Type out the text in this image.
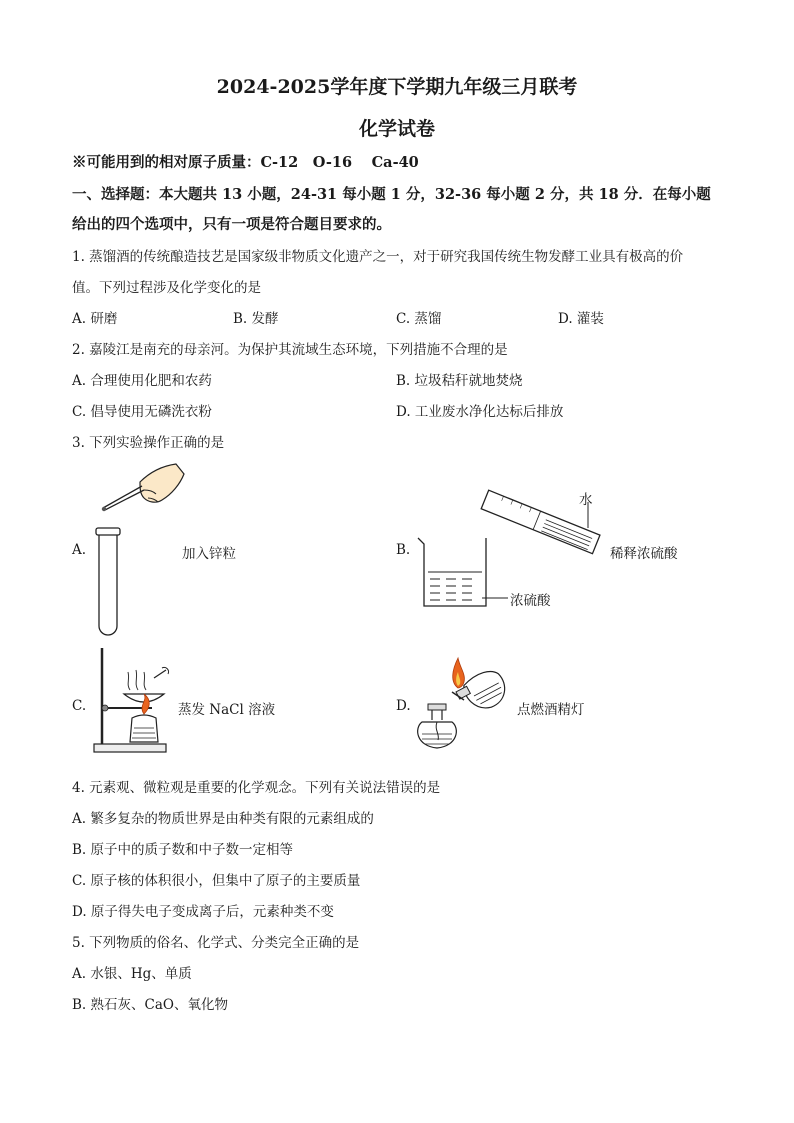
2024-2025学年度下学期九年级三月联考
化学试卷
※可能用到的相对原子质量：C-12　O-16　 Ca-40
一、选择题：本大题共 13 小题，24-31 每小题 1 分，32-36 每小题 2 分，共 18 分．在每小题
给出的四个选项中，只有一项是符合题目要求的。
1. 蒸馏酒的传统酿造技艺是国家级非物质文化遗产之一，对于研究我国传统生物发酵工业具有极高的价
值。下列过程涉及化学变化的是
A. 研磨	B. 发酵	C. 蒸馏	D. 灌装
2. 嘉陵江是南充的母亲河。为保护其流域生态环境，下列措施不合理的是
A. 合理使用化肥和农药	B. 垃圾秸秆就地焚烧
C. 倡导使用无磷洗衣粉	D. 工业废水净化达标后排放
3. 下列实验操作正确的是
A.	加入锌粒
水
B.	稀释浓硫酸
浓硫酸
C.	蒸发 NaCl 溶液	D.	点燃酒精灯
4. 元素观、微粒观是重要的化学观念。下列有关说法错误的是
A. 繁多复杂的物质世界是由种类有限的元素组成的
B. 原子中的质子数和中子数一定相等
C. 原子核的体积很小，但集中了原子的主要质量
D. 原子得失电子变成离子后，元素种类不变
5. 下列物质的俗名、化学式、分类完全正确的是
A. 水银、Hg、单质
B. 熟石灰、CaO、氧化物
